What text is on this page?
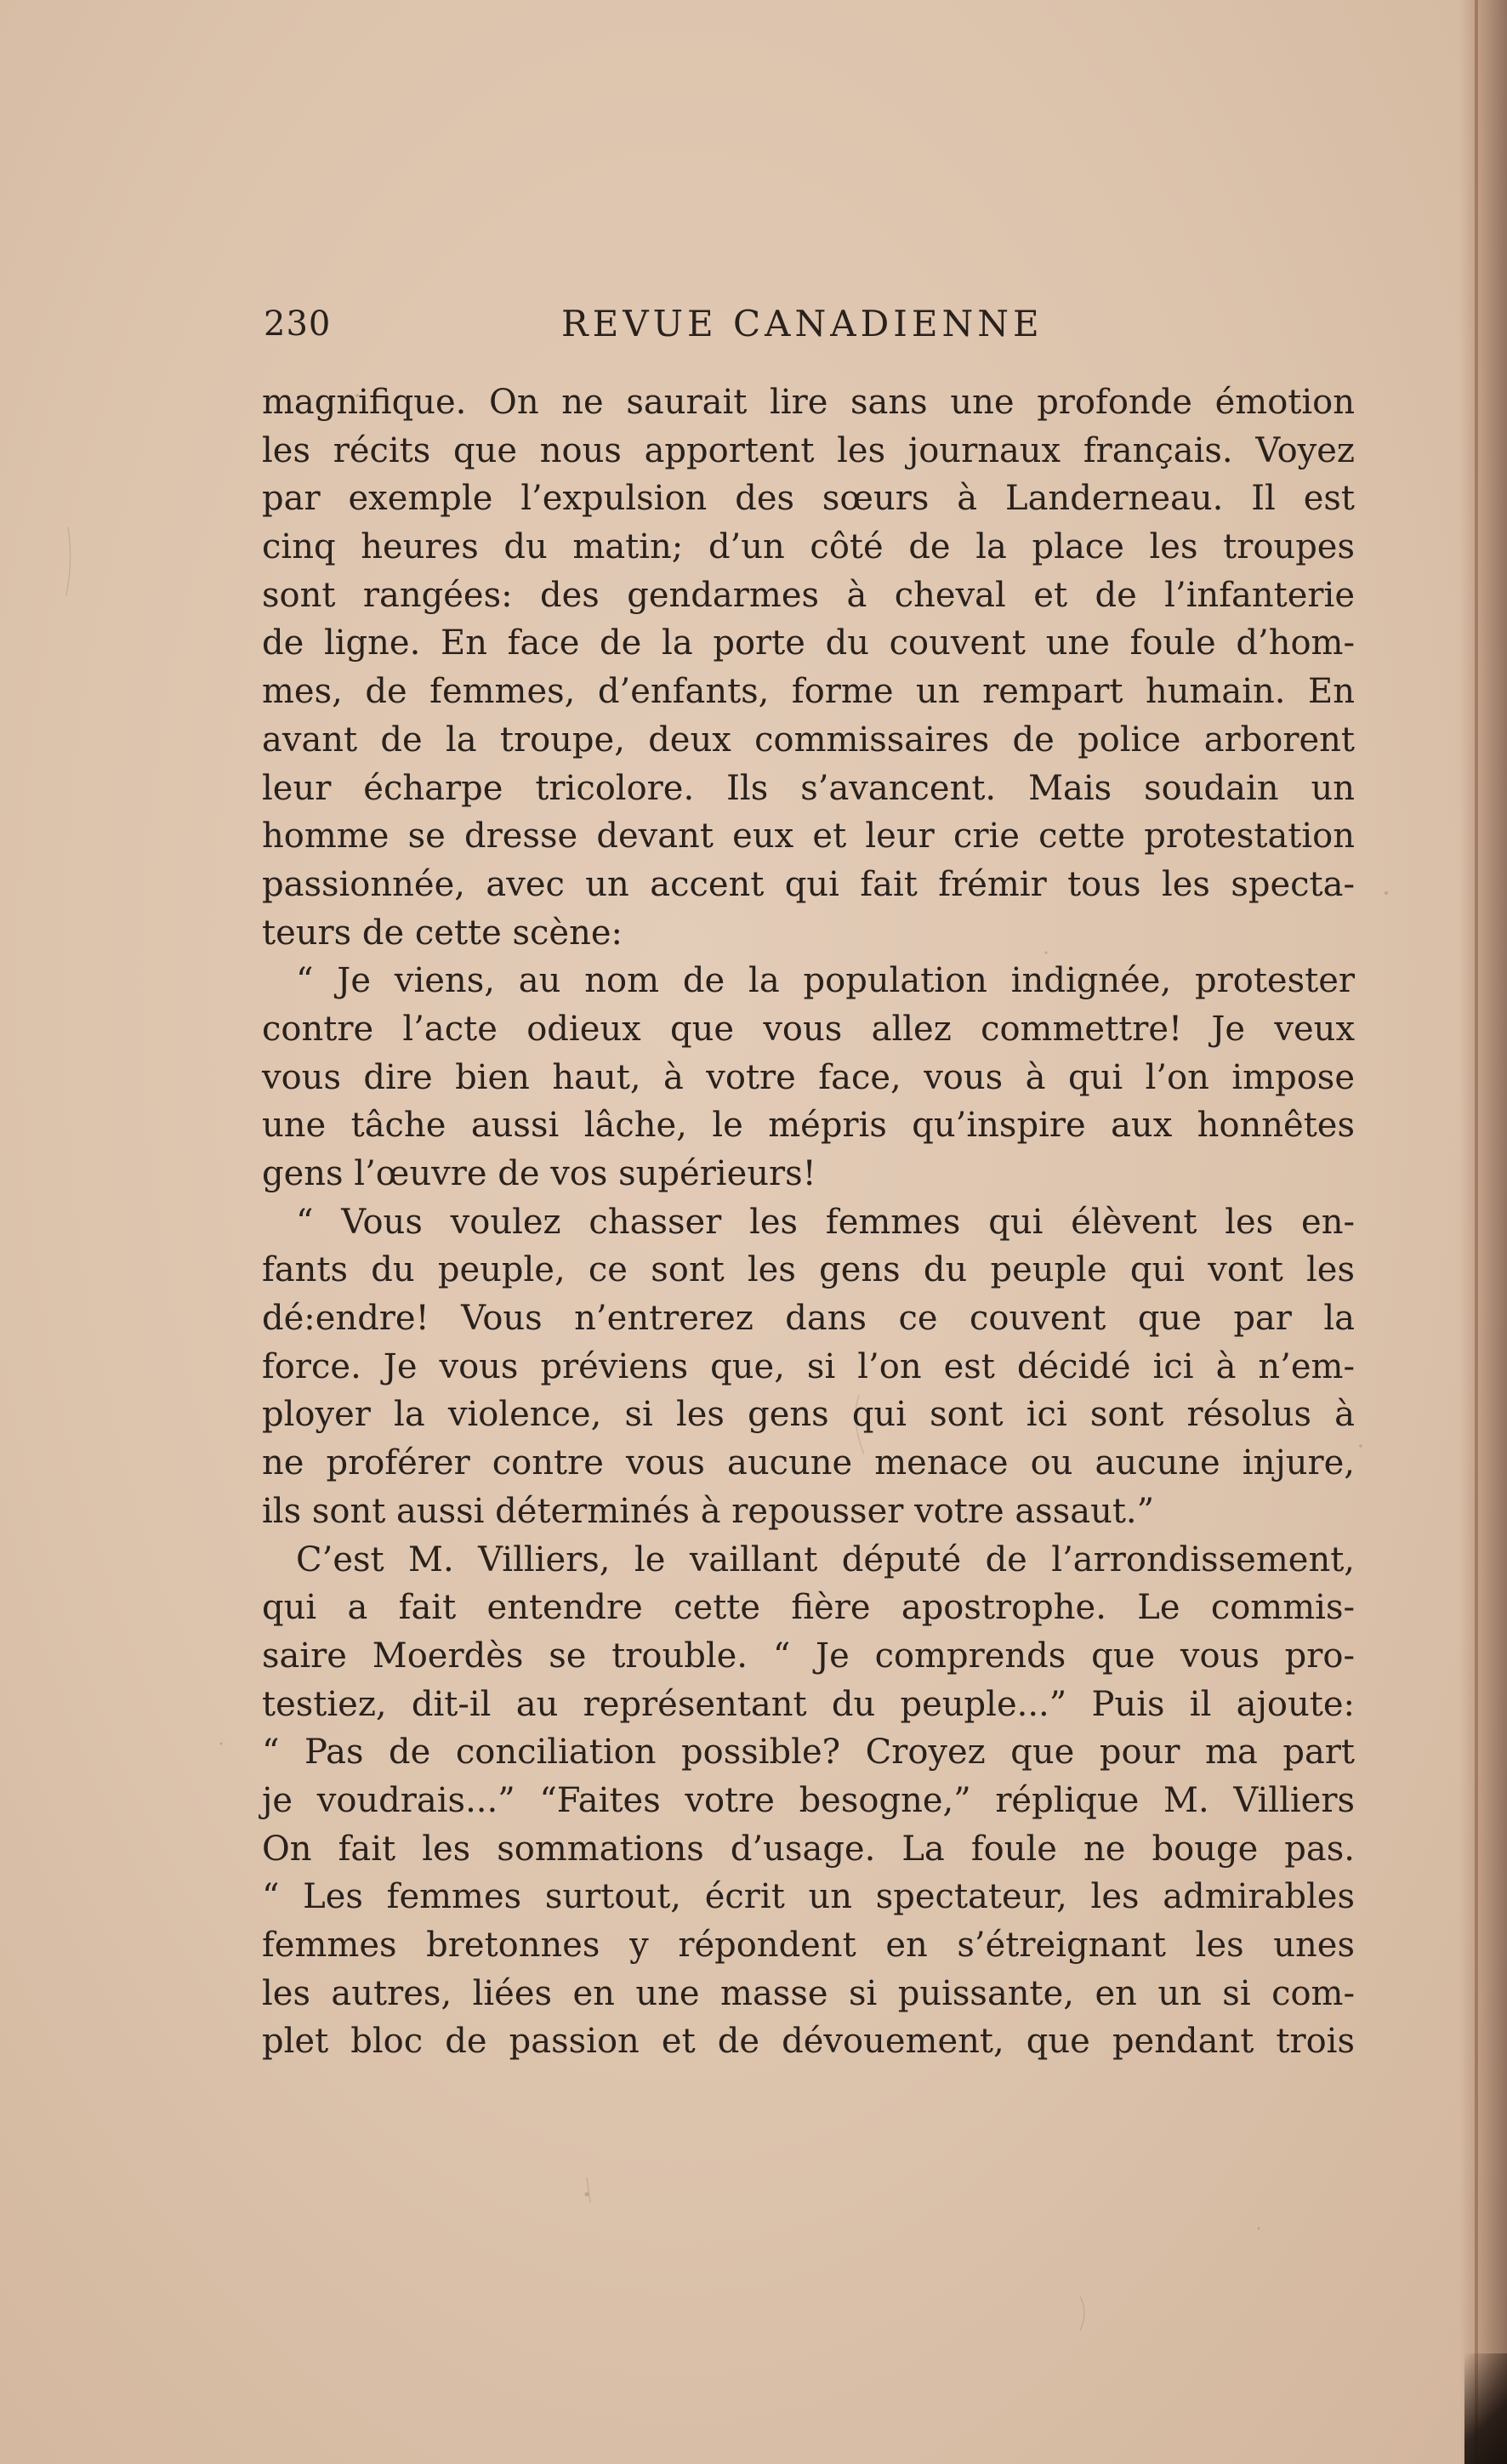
230	REVUE CANADIENNE
magnifique. On ne saurait lire sans une profonde émotion
les récits que nous apportent les journaux français. Voyez
par exemple l’expulsion des sœurs à Landerneau. Il est
cinq heures du matin; d’un côté de la place les troupes
sont rangées: des gendarmes à cheval et de l’infanterie
de ligne. En face de la porte du couvent une foule d’hom-
mes, de femmes, d’enfants, forme un rempart humain. En
avant de la troupe, deux commissaires de police arborent
leur écharpe tricolore. Ils s’avancent. Mais soudain un
homme se dresse devant eux et leur crie cette protestation
passionnée, avec un accent qui fait frémir tous les specta-
teurs de cette scène:
“ Je viens, au nom de la population indignée, protester
contre l’acte odieux que vous allez commettre! Je veux
vous dire bien haut, à votre face, vous à qui l’on impose
une tâche aussi lâche, le mépris qu’inspire aux honnêtes
gens l’œuvre de vos supérieurs!
“ Vous voulez chasser les femmes qui élèvent les en-
fants du peuple, ce sont les gens du peuple qui vont les
dé:endre! Vous n’entrerez dans ce couvent que par la
force. Je vous préviens que, si l’on est décidé ici à n’em-
ployer la violence, si les gens qui sont ici sont résolus à
ne proférer contre vous aucune menace ou aucune injure,
ils sont aussi déterminés à repousser votre assaut.”
C’est M. Villiers, le vaillant député de l’arrondissement,
qui a fait entendre cette fière apostrophe. Le commis-
saire Moerdès se trouble. “ Je comprends que vous pro-
testiez, dit-il au représentant du peuple...” Puis il ajoute:
“ Pas de conciliation possible? Croyez que pour ma part
je voudrais...” “Faites votre besogne,” réplique M. Villiers
On fait les sommations d’usage. La foule ne bouge pas.
“ Les femmes surtout, écrit un spectateur, les admirables
femmes bretonnes y répondent en s’étreignant les unes
les autres, liées en une masse si puissante, en un si com-
plet bloc de passion et de dévouement, que pendant trois
